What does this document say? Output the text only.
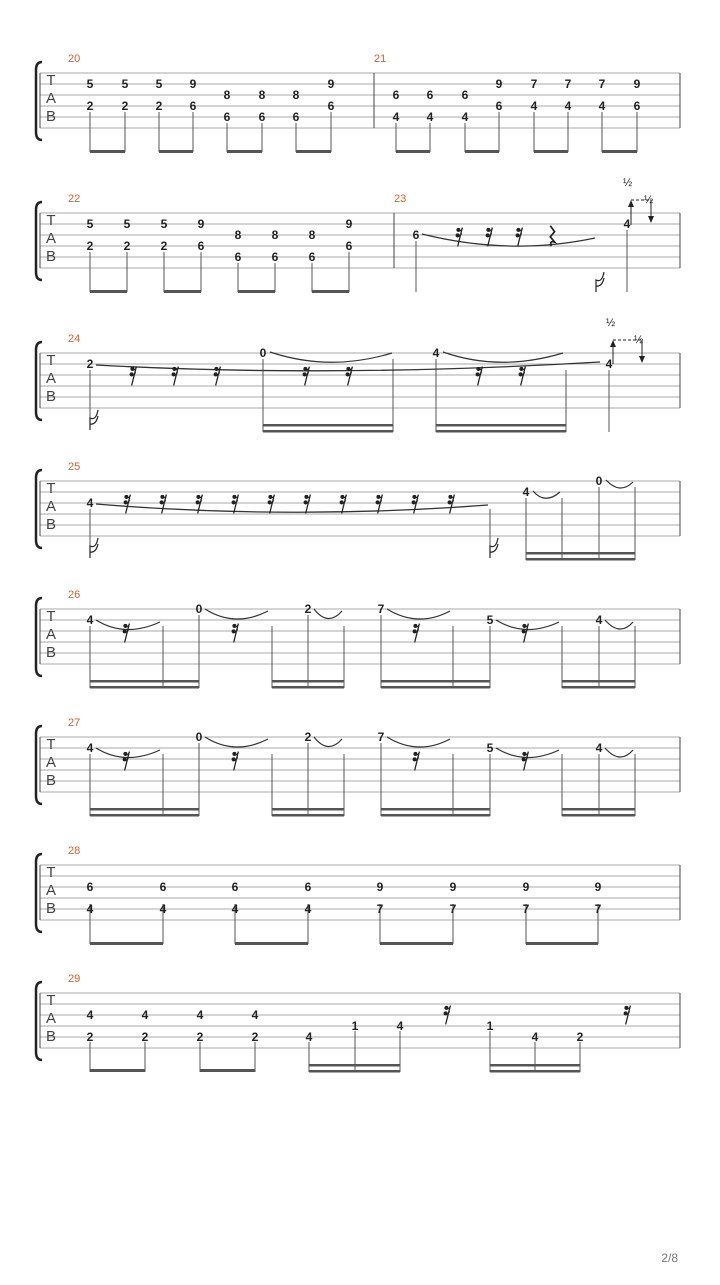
T
A
B
20	21
5
2
5
2
5
2
9
6
8
6
8
6
8
6
9
6
6
4
6
4
6
4
9
6
7
4
7
4
7
4
9
6
T
A
B
22	23
½
½
5
2
5
2
5
2
9
6
8
6
8
6
8
6
9
6
6
4
T
A
B
24
½
½
2
0	4
4
T
A
B
25
4
4
0
T
A
B
26
4
0	2	7
5	4
T
A
B
27
4
0	2	7
5	4
T
A
B
28
6
4
6
4
6
4
6
4
9
7
9
7
9
7
9
7
T
A
B
29
4
2
4
2
4
2
4
2	4
1	4	1
4	2
2/8
